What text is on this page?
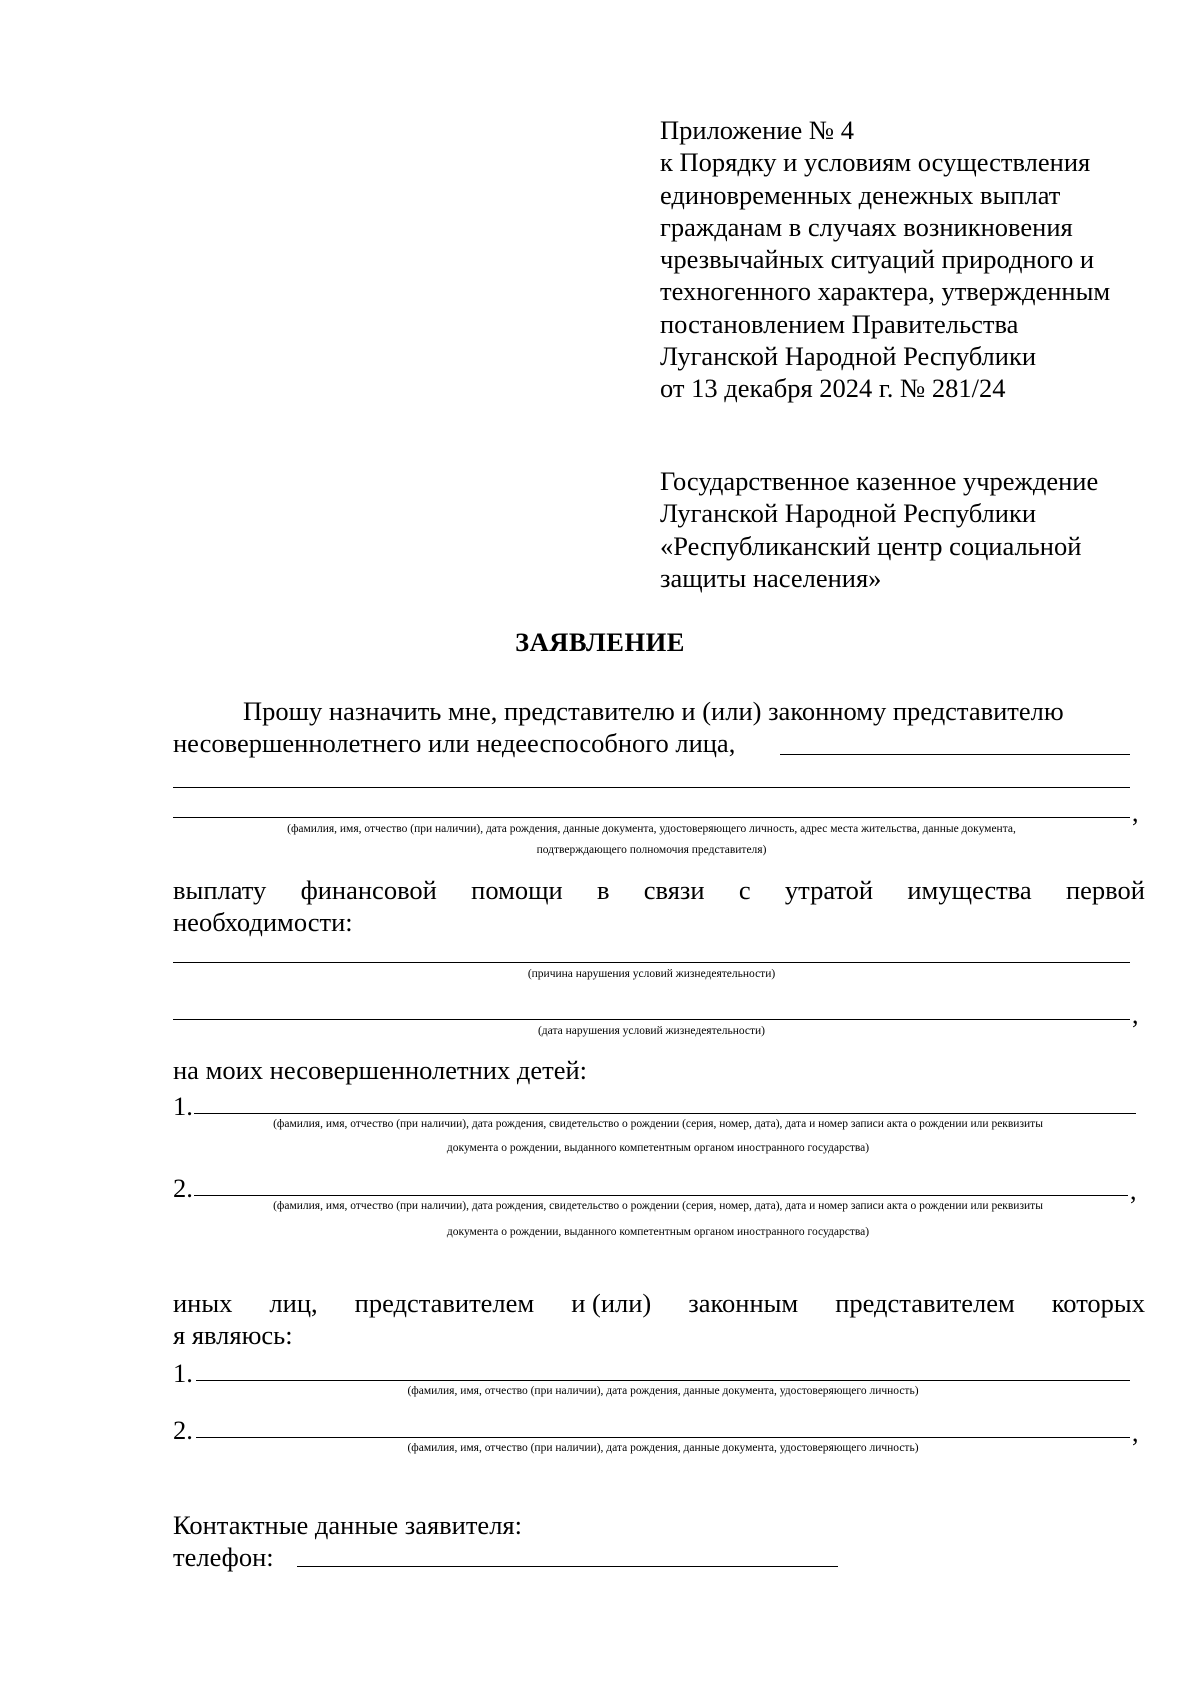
Приложение № 4
к Порядку и условиям осуществления
единовременных денежных выплат
гражданам в случаях возникновения
чрезвычайных ситуаций природного и
техногенного характера, утвержденным
постановлением Правительства
Луганской Народной Республики
от 13 декабря 2024 г. № 281/24
Государственное казенное учреждение
Луганской Народной Республики
«Республиканский центр социальной
защиты населения»
ЗАЯВЛЕНИЕ
Прошу назначить мне, представителю и (или) законному представителю
несовершеннолетнего или недееспособного лица,
,
(фамилия, имя, отчество (при наличии), дата рождения, данные документа, удостоверяющего личность, адрес места жительства, данные документа,
подтверждающего полномочия представителя)
выплату финансовой помощи в связи с утратой имущества первой
необходимости:
(причина нарушения условий жизнедеятельности)
,
(дата нарушения условий жизнедеятельности)
на моих несовершеннолетних детей:
1.
(фамилия, имя, отчество (при наличии), дата рождения, свидетельство о рождении (серия, номер, дата), дата и номер записи акта о рождении или реквизиты
документа о рождении, выданного компетентным органом иностранного государства)
2.	,
(фамилия, имя, отчество (при наличии), дата рождения, свидетельство о рождении (серия, номер, дата), дата и номер записи акта о рождении или реквизиты
документа о рождении, выданного компетентным органом иностранного государства)
иных лиц, представителем и (или) законным представителем которых
я являюсь:
1.
(фамилия, имя, отчество (при наличии), дата рождения, данные документа, удостоверяющего личность)
2.	,
(фамилия, имя, отчество (при наличии), дата рождения, данные документа, удостоверяющего личность)
Контактные данные заявителя:
телефон:
